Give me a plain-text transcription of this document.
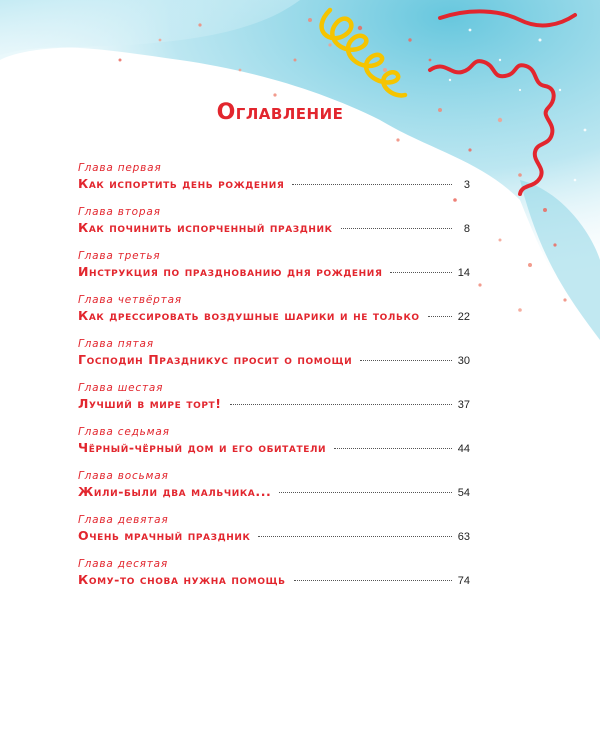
Оглавление
Глава первая
Как испортить день рождения	3
Глава вторая
Как починить испорченный праздник	8
Глава третья
Инструкция по празднованию дня рождения	14
Глава четвёртая
Как дрессировать воздушные шарики и не только	22
Глава пятая
Господин Праздникус просит о помощи	30
Глава шестая
Лучший в мире торт!	37
Глава седьмая
Чёрный-чёрный дом и его обитатели	44
Глава восьмая
Жили-были два мальчика...	54
Глава девятая
Очень мрачный праздник	63
Глава десятая
Кому-то снова нужна помощь	74
